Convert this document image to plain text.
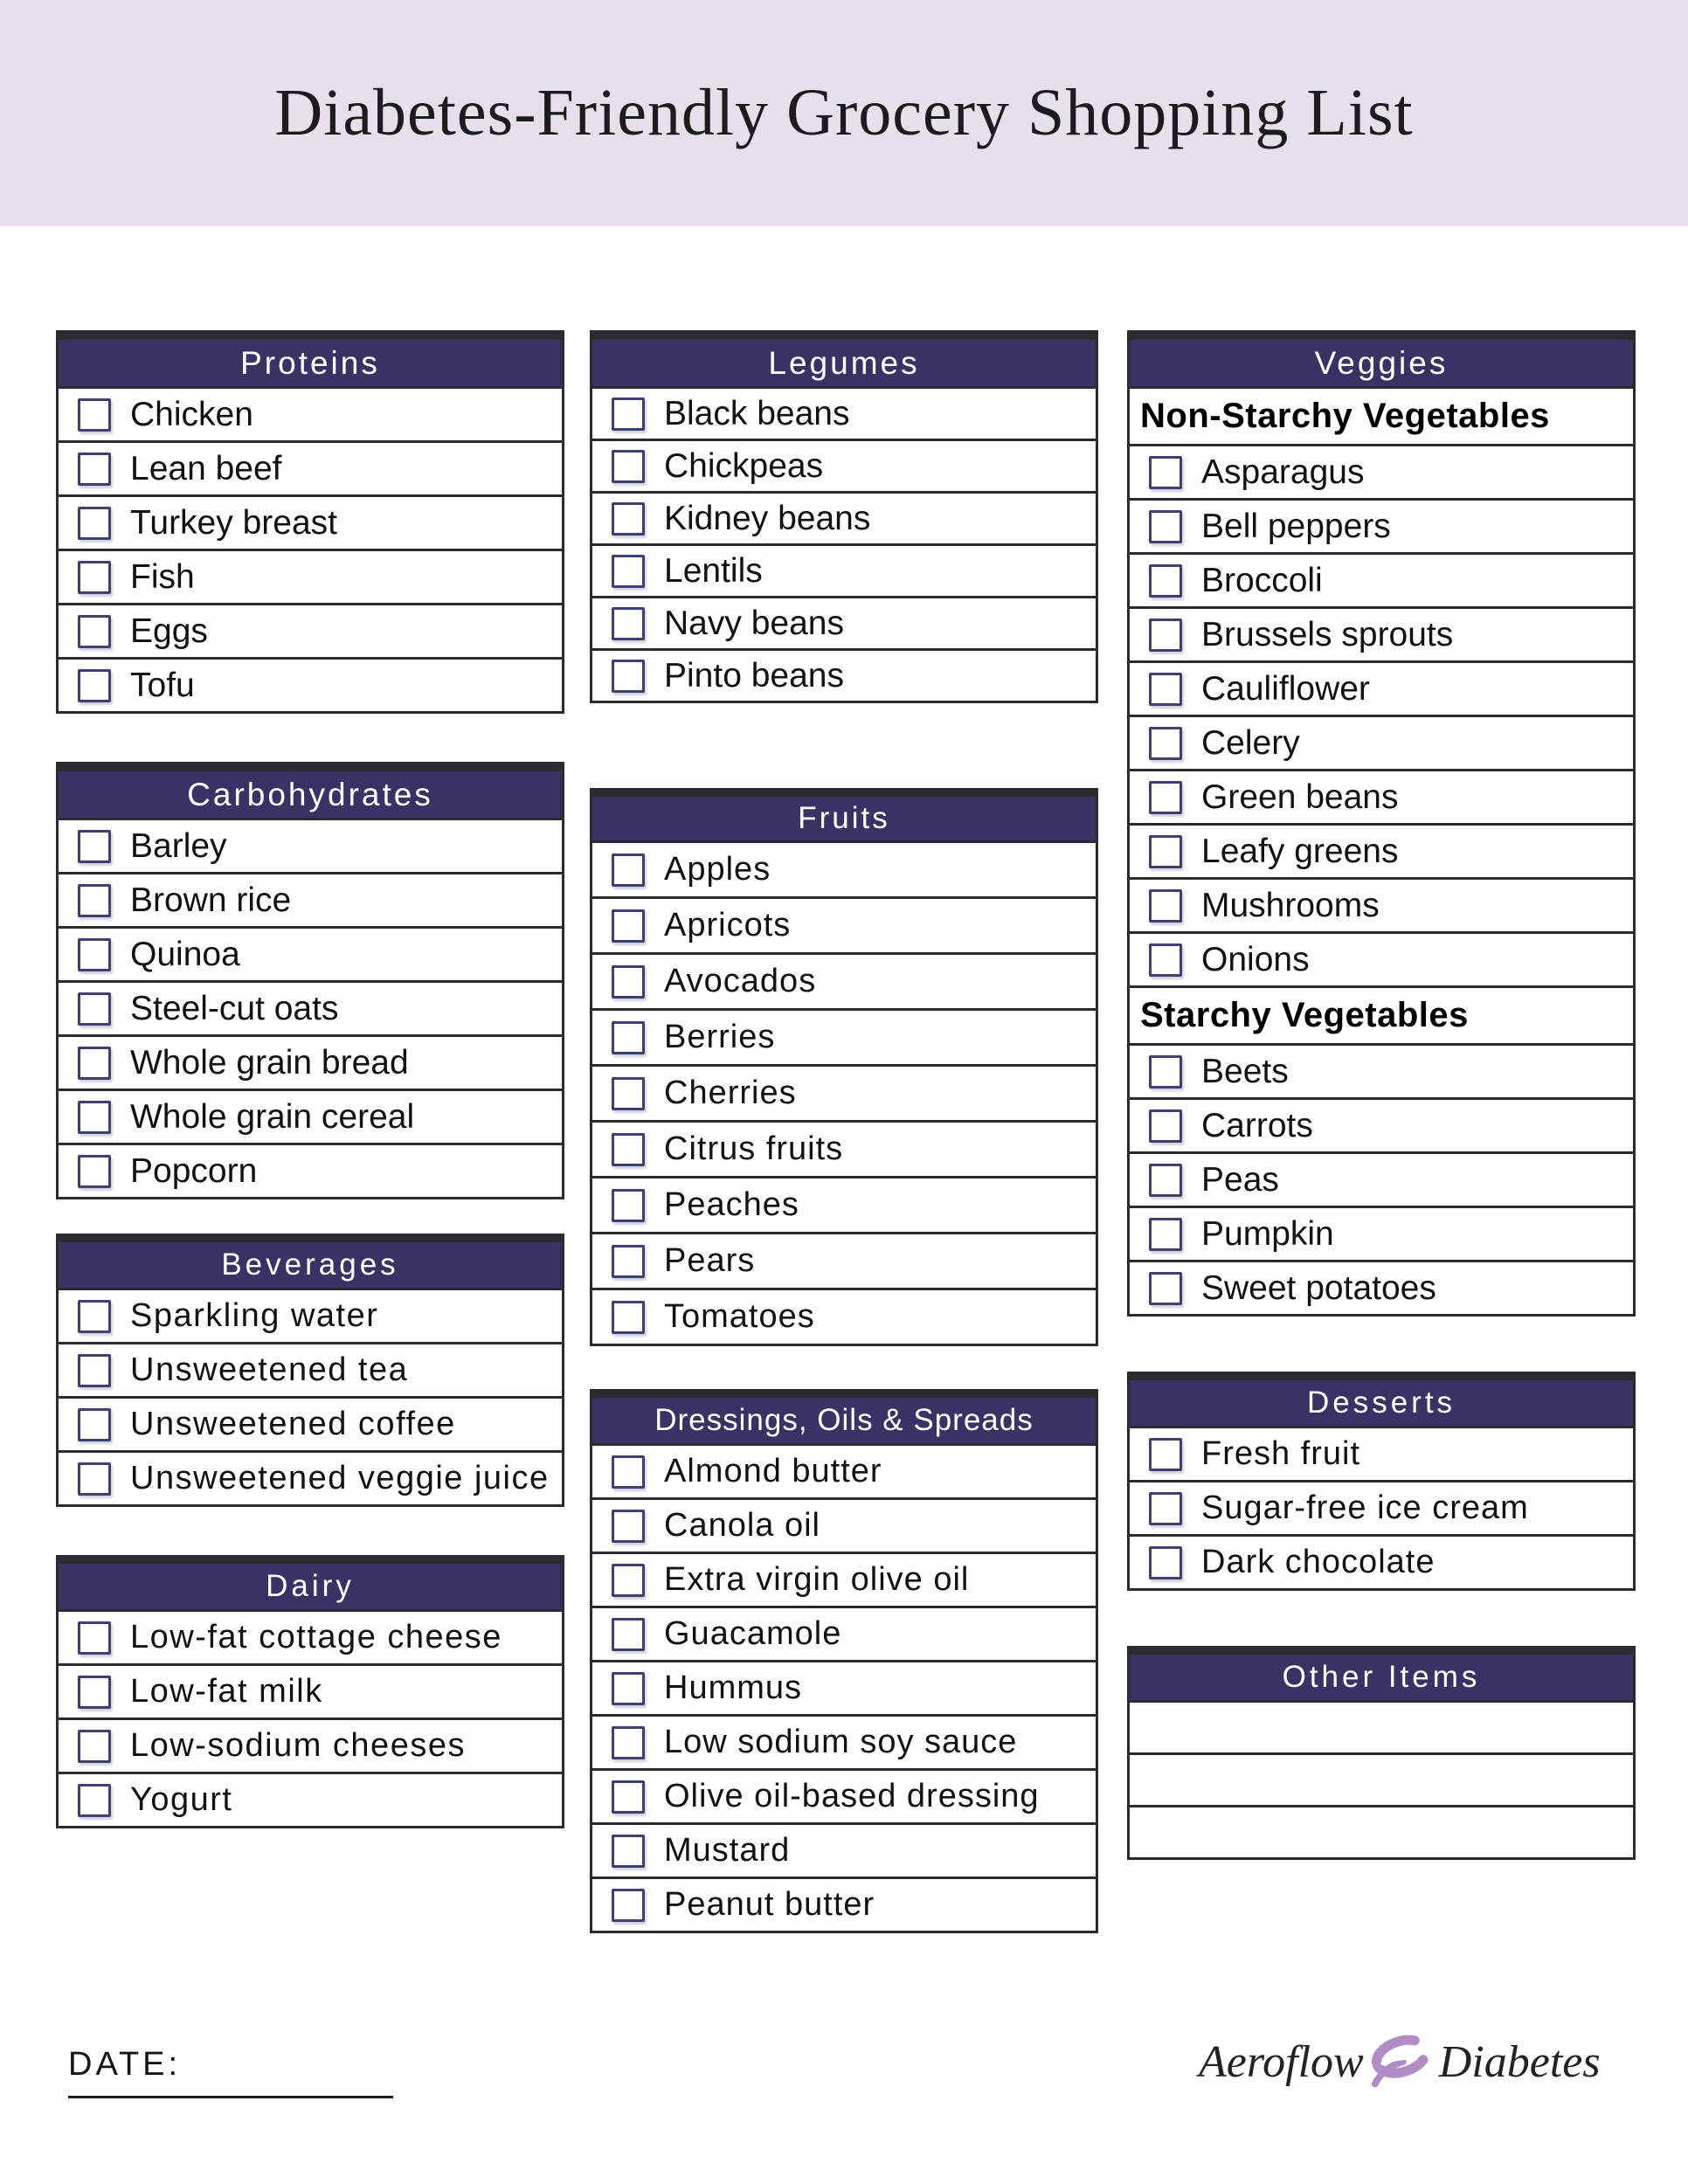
Diabetes-Friendly Grocery Shopping List
Proteins
Chicken
Lean beef
Turkey breast
Fish
Eggs
Tofu
Carbohydrates
Barley
Brown rice
Quinoa
Steel-cut oats
Whole grain bread
Whole grain cereal
Popcorn
Beverages
Sparkling water
Unsweetened tea
Unsweetened coffee
Unsweetened veggie juice
Dairy
Low-fat cottage cheese
Low-fat milk
Low-sodium cheeses
Yogurt
Legumes
Black beans
Chickpeas
Kidney beans
Lentils
Navy beans
Pinto beans
Fruits
Apples
Apricots
Avocados
Berries
Cherries
Citrus fruits
Peaches
Pears
Tomatoes
Dressings, Oils & Spreads
Almond butter
Canola oil
Extra virgin olive oil
Guacamole
Hummus
Low sodium soy sauce
Olive oil-based dressing
Mustard
Peanut butter
Veggies
Non-Starchy Vegetables
Asparagus
Bell peppers
Broccoli
Brussels sprouts
Cauliflower
Celery
Green beans
Leafy greens
Mushrooms
Onions
Starchy Vegetables
Beets
Carrots
Peas
Pumpkin
Sweet potatoes
Desserts
Fresh fruit
Sugar-free ice cream
Dark chocolate
Other Items
DATE:	Aeroflow Diabetes
